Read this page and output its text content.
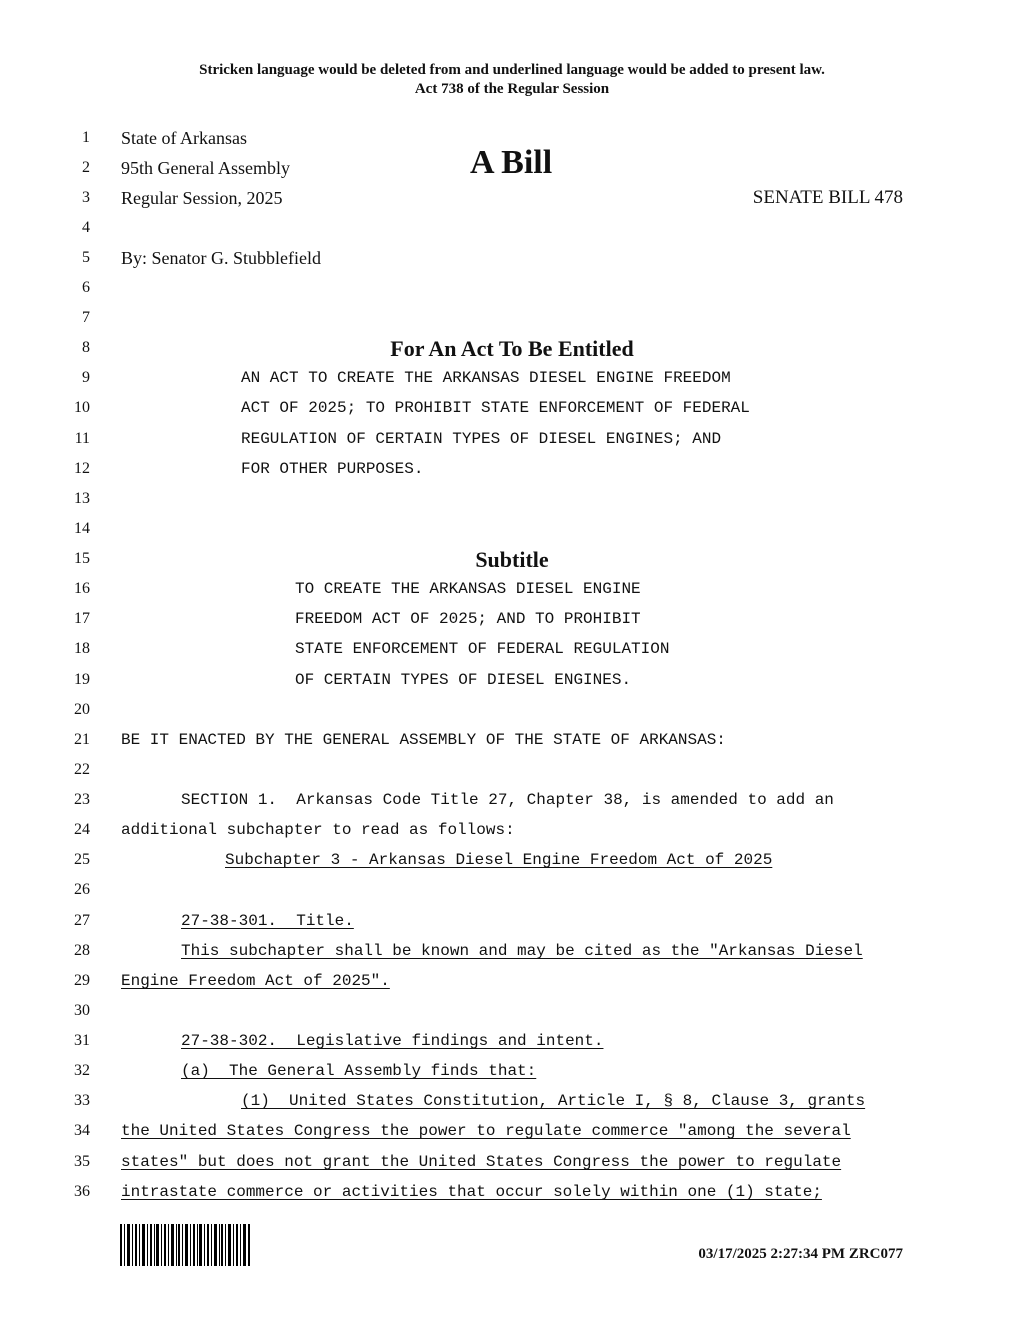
Stricken language would be deleted from and underlined language would be added to present law.
Act 738 of the Regular Session
1
2
3
4
5
6
7
8
9
10
11
12
13
14
15
16
17
18
19
20
21
22
23
24
25
26
27
28
29
30
31
32
33
34
35
36
State of Arkansas
95th General Assembly	A Bill
Regular Session, 2025	SENATE BILL 478
By: Senator G. Stubblefield
For An Act To Be Entitled
AN ACT TO CREATE THE ARKANSAS DIESEL ENGINE FREEDOM
ACT OF 2025; TO PROHIBIT STATE ENFORCEMENT OF FEDERAL
REGULATION OF CERTAIN TYPES OF DIESEL ENGINES; AND
FOR OTHER PURPOSES.
Subtitle
TO CREATE THE ARKANSAS DIESEL ENGINE
FREEDOM ACT OF 2025; AND TO PROHIBIT
STATE ENFORCEMENT OF FEDERAL REGULATION
OF CERTAIN TYPES OF DIESEL ENGINES.
BE IT ENACTED BY THE GENERAL ASSEMBLY OF THE STATE OF ARKANSAS:
SECTION 1.  Arkansas Code Title 27, Chapter 38, is amended to add an
additional subchapter to read as follows:
Subchapter 3 - Arkansas Diesel Engine Freedom Act of 2025
27-38-301.  Title.
This subchapter shall be known and may be cited as the "Arkansas Diesel
Engine Freedom Act of 2025".
27-38-302.  Legislative findings and intent.
(a)  The General Assembly finds that:
(1)  United States Constitution, Article I, § 8, Clause 3, grants
the United States Congress the power to regulate commerce "among the several
states" but does not grant the United States Congress the power to regulate
intrastate commerce or activities that occur solely within one (1) state;
03/17/2025 2:27:34 PM ZRC077
